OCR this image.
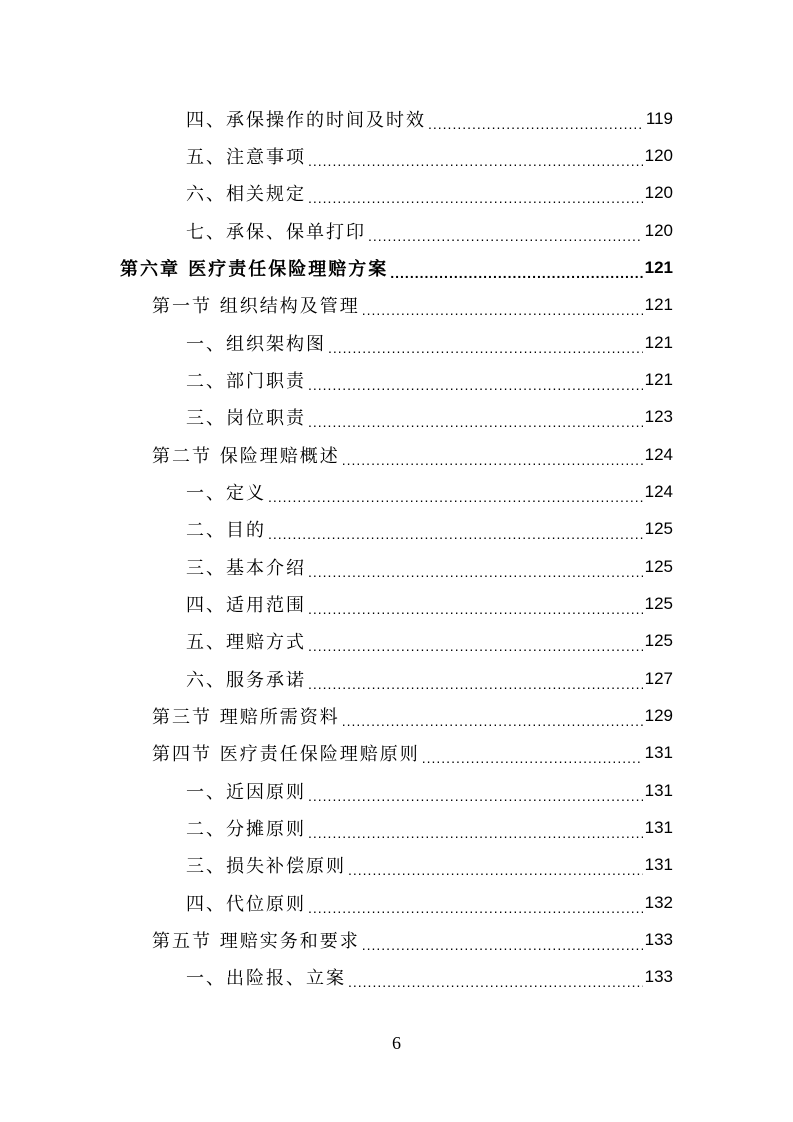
四、承保操作的时间及时效 .....	119
五、注意事项 .....	120
六、相关规定 .....	120
七、承保、保单打印 .....	120
第六章 医疗责任保险理赔方案 .....	121
第一节 组织结构及管理 .....	121
一、组织架构图 .....	121
二、部门职责 .....	121
三、岗位职责 .....	123
第二节 保险理赔概述 .....	124
一、定义 .....	124
二、目的 .....	125
三、基本介绍 .....	125
四、适用范围 .....	125
五、理赔方式 .....	125
六、服务承诺 .....	127
第三节 理赔所需资料 .....	129
第四节 医疗责任保险理赔原则 .....	131
一、近因原则 .....	131
二、分摊原则 .....	131
三、损失补偿原则 .....	131
四、代位原则 .....	132
第五节 理赔实务和要求 .....	133
一、出险报、立案 .....	133
6
